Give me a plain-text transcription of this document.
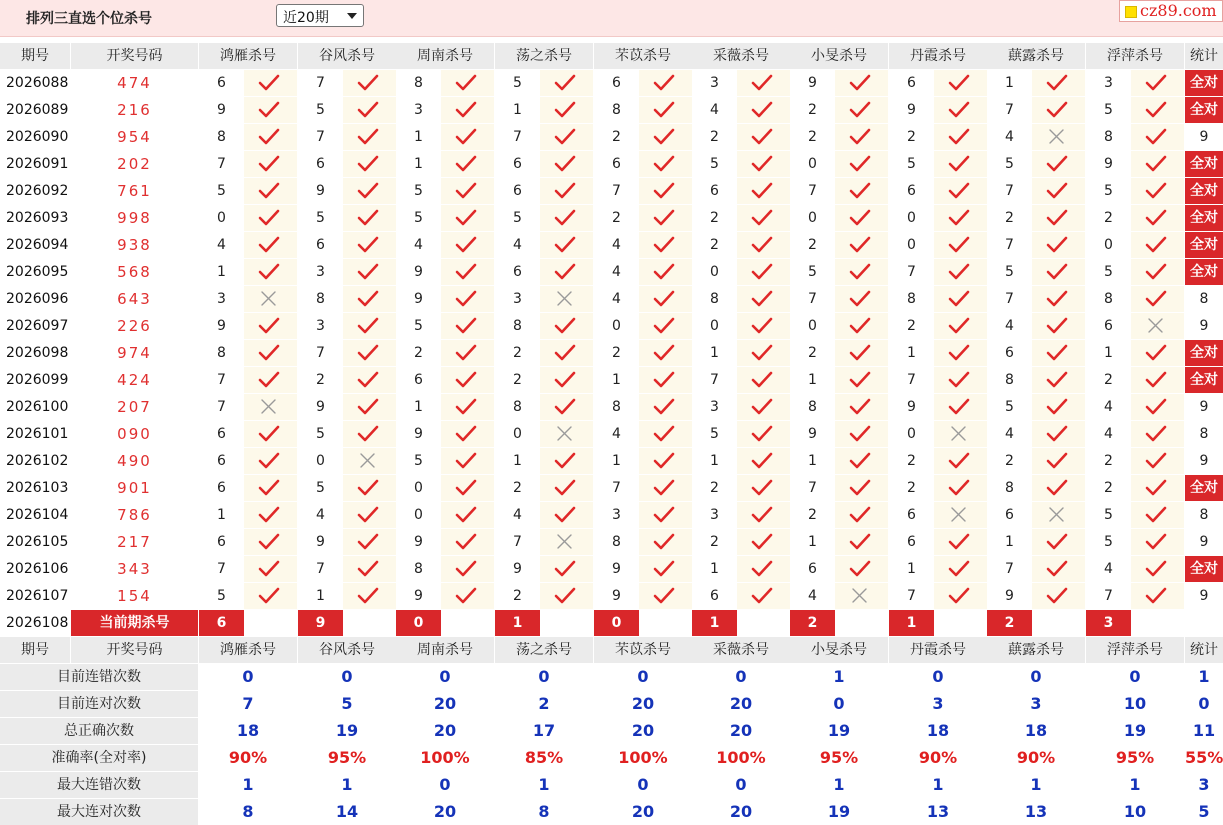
排列三直选个位杀号	近20期	cz89.com
期号	开奖号码	鸿雁杀号	谷风杀号	周南杀号	荡之杀号	芣苡杀号	采薇杀号	小旻杀号	丹霞杀号	蕻露杀号	浮萍杀号	统计
2026088	474	6	7	8	5	6	3	9	6	1	3	全对
2026089	216	9	5	3	1	8	4	2	9	7	5	全对
2026090	954	8	7	1	7	2	2	2	2	4	8	9
2026091	202	7	6	1	6	6	5	0	5	5	9	全对
2026092	761	5	9	5	6	7	6	7	6	7	5	全对
2026093	998	0	5	5	5	2	2	0	0	2	2	全对
2026094	938	4	6	4	4	4	2	2	0	7	0	全对
2026095	568	1	3	9	6	4	0	5	7	5	5	全对
2026096	643	3	8	9	3	4	8	7	8	7	8	8
2026097	226	9	3	5	8	0	0	0	2	4	6	9
2026098	974	8	7	2	2	2	1	2	1	6	1	全对
2026099	424	7	2	6	2	1	7	1	7	8	2	全对
2026100	207	7	9	1	8	8	3	8	9	5	4	9
2026101	090	6	5	9	0	4	5	9	0	4	4	8
2026102	490	6	0	5	1	1	1	1	2	2	2	9
2026103	901	6	5	0	2	7	2	7	2	8	2	全对
2026104	786	1	4	0	4	3	3	2	6	6	5	8
2026105	217	6	9	9	7	8	2	1	6	1	5	9
2026106	343	7	7	8	9	9	1	6	1	7	4	全对
2026107	154	5	1	9	2	9	6	4	7	9	7	9
2026108	当前期杀号	6	9	0	1	0	1	2	1	2	3
期号	开奖号码	鸿雁杀号	谷风杀号	周南杀号	荡之杀号	芣苡杀号	采薇杀号	小旻杀号	丹霞杀号	蕻露杀号	浮萍杀号	统计
目前连错次数	0	0	0	0	0	0	1	0	0	0	1
目前连对次数	7	5	20	2	20	20	0	3	3	10	0
总正确次数	18	19	20	17	20	20	19	18	18	19	11
准确率(全对率)	90%	95%	100%	85%	100%	100%	95%	90%	90%	95%	55%
最大连错次数	1	1	0	1	0	0	1	1	1	1	3
最大连对次数	8	14	20	8	20	20	19	13	13	10	5
